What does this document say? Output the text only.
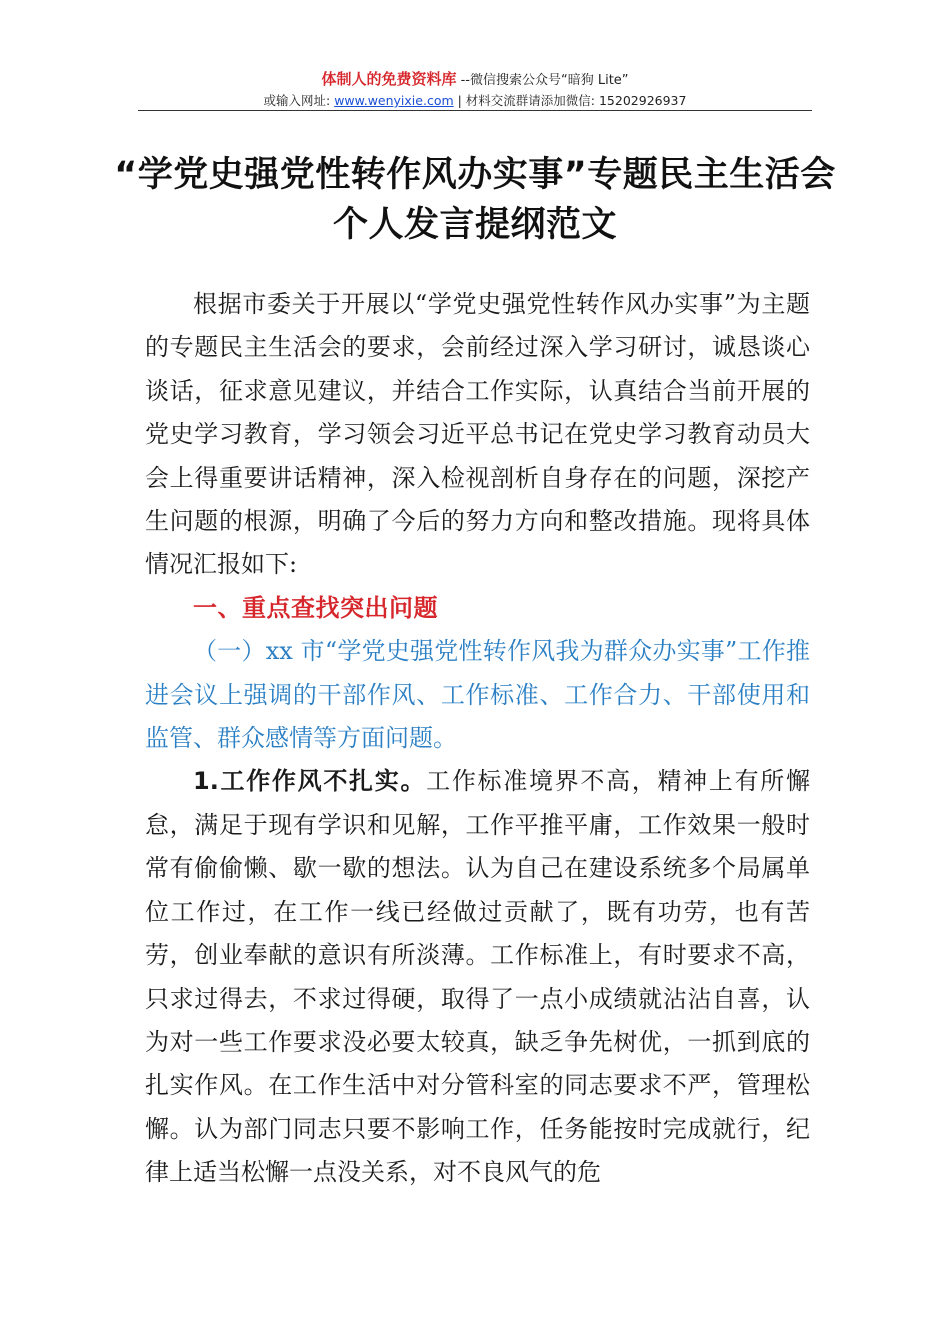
体制人的免费资料库 --微信搜索公众号“暗狗 Lite”
或输入网址: www.wenyixie.com | 材料交流群请添加微信: 15202926937
“学党史强党性转作风办实事”专题民主生活会个人发言提纲范文

根据市委关于开展以“学党史强党性转作风办实事”为主题的专题民主生活会的要求，会前经过深入学习研讨，诚恳谈心谈话，征求意见建议，并结合工作实际，认真结合当前开展的党史学习教育，学习领会习近平总书记在党史学习教育动员大会上得重要讲话精神，深入检视剖析自身存在的问题，深挖产生问题的根源，明确了今后的努力方向和整改措施。现将具体情况汇报如下:

一、重点查找突出问题

（一）xx 市“学党史强党性转作风我为群众办实事”工作推进会议上强调的干部作风、工作标准、工作合力、干部使用和监管、群众感情等方面问题。

1.工作作风不扎实。工作标准境界不高，精神上有所懈怠，满足于现有学识和见解，工作平推平庸，工作效果一般时常有偷偷懒、歇一歇的想法。认为自己在建设系统多个局属单位工作过，在工作一线已经做过贡献了，既有功劳，也有苦劳，创业奉献的意识有所淡薄。工作标准上，有时要求不高，只求过得去，不求过得硬，取得了一点小成绩就沾沾自喜，认为对一些工作要求没必要太较真，缺乏争先树优，一抓到底的扎实作风。在工作生活中对分管科室的同志要求不严，管理松懈。认为部门同志只要不影响工作，任务能按时完成就行，纪律上适当松懈一点没关系，对不良风气的危
